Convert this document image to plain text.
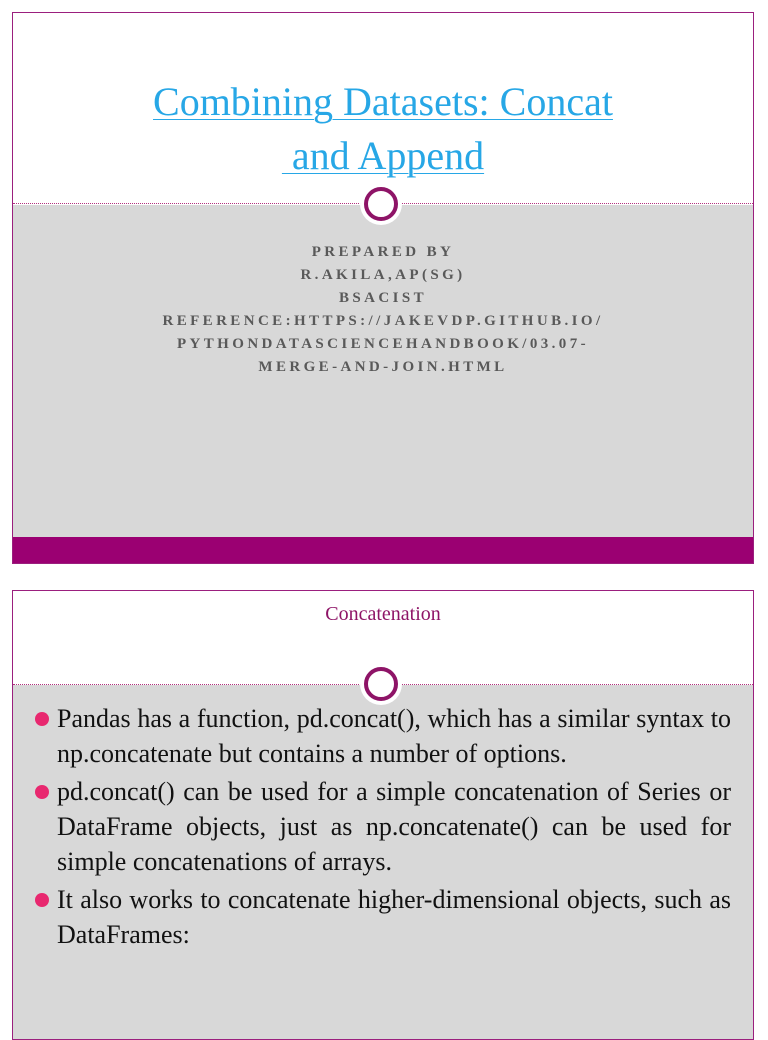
Combining Datasets: Concat
and Append
PREPARED BY
R.AKILA,AP(SG)
BSACIST
REFERENCE:HTTPS://JAKEVDP.GITHUB.IO/
PYTHONDATASCIENCEHANDBOOK/03.07-
MERGE-AND-JOIN.HTML
Concatenation
Pandas has a function, pd.concat(), which has a similar syntax to np.concatenate but contains a number of options.
pd.concat() can be used for a simple concatenation of Series or DataFrame objects, just as np.concatenate() can be used for simple concatenations of arrays.
It also works to concatenate higher-dimensional objects, such as DataFrames:
